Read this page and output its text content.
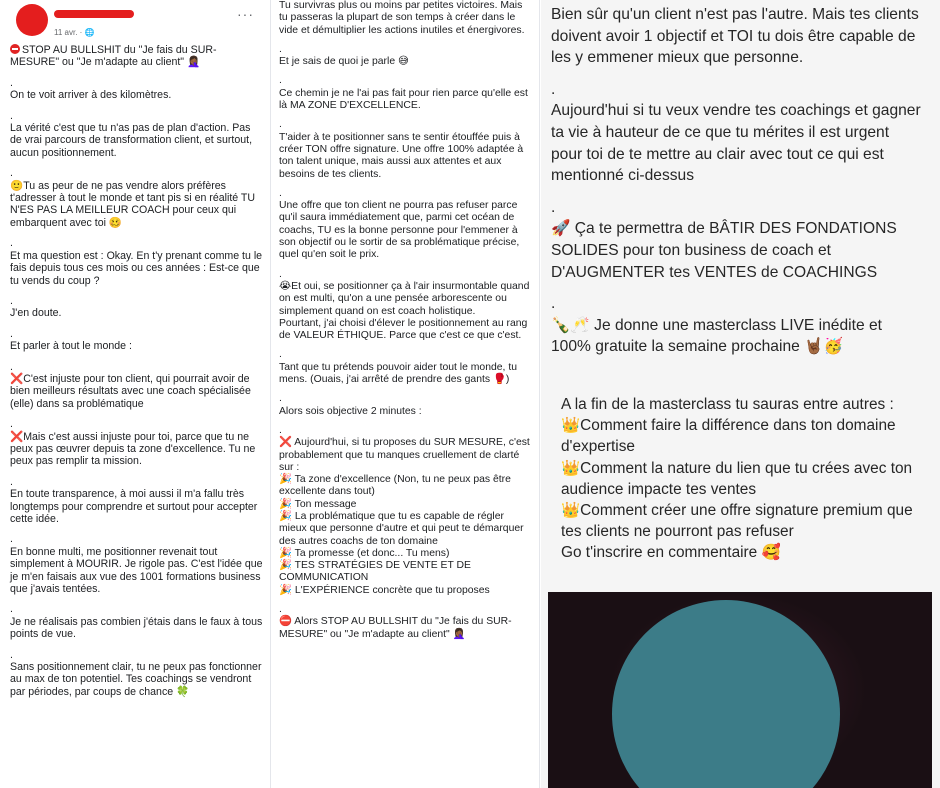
11 avr. · 🌐
···

STOP AU BULLSHIT du "Je fais du SUR-MESURE" ou "Je m'adapte au client" 🤦🏾‍♀️

.
On te voit arriver à des kilomètres.

.
La vérité c'est que tu n'as pas de plan d'action. Pas de vrai parcours de transformation client, et surtout, aucun positionnement.

.
🙂Tu as peur de ne pas vendre alors préfères t'adresser à tout le monde et tant pis si en réalité TU N'ES PAS LA MEILLEUR COACH pour ceux qui embarquent avec toi 🥴

.
Et ma question est : Okay. En t'y prenant comme tu le fais depuis tous ces mois ou ces années : Est-ce que tu vends du coup ?

.
J'en doute.

.
Et parler à tout le monde :

.
❌C'est injuste pour ton client, qui pourrait avoir de bien meilleurs résultats avec une coach spécialisée (elle) dans sa problématique

.
❌Mais c'est aussi injuste pour toi, parce que tu ne peux pas œuvrer depuis ta zone d'excellence. Tu ne peux pas remplir ta mission.

.
En toute transparence, à moi aussi il m'a fallu très longtemps pour comprendre et surtout pour accepter cette idée.

.
En bonne multi, me positionner revenait tout simplement à MOURIR. Je rigole pas. C'est l'idée que je m'en faisais aux vue des 1001 formations business que j'avais tentées.

.
Je ne réalisais pas combien j'étais dans le faux à tous points de vue.

.
Sans positionnement clair, tu ne peux pas fonctionner au max de ton potentiel. Tes coachings se vendront par périodes, par coups de chance 🍀

Tu survivras plus ou moins par petites victoires. Mais tu passeras la plupart de son temps à créer dans le vide et démultiplier les actions inutiles et énergivores.

.
Et je sais de quoi je parle 😅

.
Ce chemin je ne l'ai pas fait pour rien parce qu'elle est là MA ZONE D'EXCELLENCE.

.
T'aider à te positionner sans te sentir étouffée puis à créer TON offre signature. Une offre 100% adaptée à ton talent unique, mais aussi aux attentes et aux besoins de tes clients.

.
Une offre que ton client ne pourra pas refuser parce qu'il saura immédiatement que, parmi cet océan de coachs, TU es la bonne personne pour l'emmener à son objectif ou le sortir de sa problématique précise, quel qu'en soit le prix.

.
😭Et oui, se positionner ça à l'air insurmontable quand on est multi, qu'on a une pensée arborescente ou simplement quand on est coach holistique.
Pourtant, j'ai choisi d'élever le positionnement au rang de VALEUR ÉTHIQUE. Parce que c'est ce que c'est.

.
Tant que tu prétends pouvoir aider tout le monde, tu mens. (Ouais, j'ai arrêté de prendre des gants 🥊)

.
Alors sois objective 2 minutes :

.
❌ Aujourd'hui, si tu proposes du SUR MESURE, c'est probablement que tu manques cruellement de clarté sur :
🎉 Ta zone d'excellence (Non, tu ne peux pas être excellente dans tout)
🎉 Ton message
🎉 La problématique que tu es capable de régler mieux que personne d'autre et qui peut te démarquer des autres coachs de ton domaine
🎉 Ta promesse (et donc... Tu mens)
🎉 TES STRATÉGIES DE VENTE ET DE COMMUNICATION
🎉 L'EXPÉRIENCE concrète que tu proposes

.
⛔ Alors STOP AU BULLSHIT du "Je fais du SUR-MESURE" ou "Je m'adapte au client" 🤦🏾‍♀️

Bien sûr qu'un client n'est pas l'autre. Mais tes clients doivent avoir 1 objectif et TOI tu dois être capable de les y emmener mieux que personne.

.
Aujourd'hui si tu veux vendre tes coachings et gagner ta vie à hauteur de ce que tu mérites il est urgent pour toi de te mettre au clair avec tout ce qui est mentionné ci-dessus

.
🚀 Ça te permettra de BÂTIR DES FONDATIONS SOLIDES pour ton business de coach et D'AUGMENTER tes VENTES de COACHINGS

.
🍾🥂 Je donne une masterclass LIVE inédite et 100% gratuite la semaine prochaine 🤘🏾🥳

A la fin de la masterclass tu sauras entre autres :
👑Comment faire la différence dans ton domaine d'expertise
👑Comment la nature du lien que tu crées avec ton audience impacte tes ventes
👑Comment créer une offre signature premium que tes clients ne pourront pas refuser
Go t'inscrire en commentaire 🥰
